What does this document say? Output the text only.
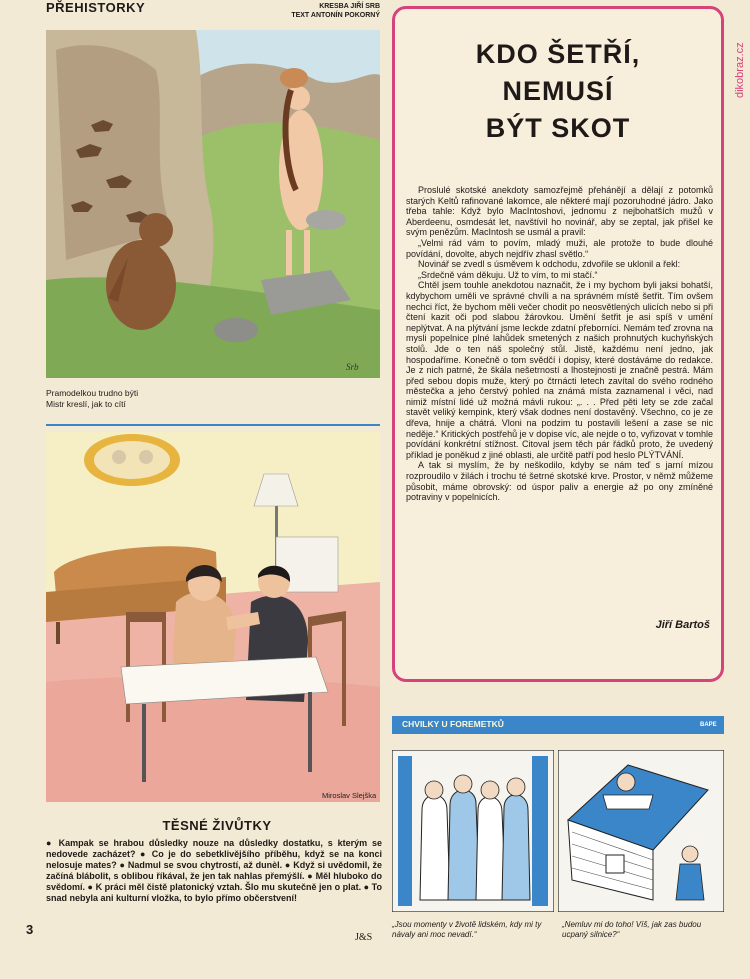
PŘEHISTORKY	KRESBA JIŘÍ SRB
TEXT ANTONÍN POKORNÝ
Srb
Pramodelkou trudno býti
Mistr kreslí, jak to cítí
Miroslav Slejška
TĚSNÉ ŽIVŮTKY
● Kampak se hrabou důsledky nouze na důsledky dostatku, s kterým se nedovede zacházet? ● Co je do sebetklivějšího příběhu, když se na konci nelosuje mates? ● Nadmul se svou chytrostí, až dunèl. ● Když si uvědomil, že začíná blábolit, s oblibou říkával, že jen tak nahlas přemýšlí. ● Měl hluboko do svědomí. ● K práci měl čistě platonický vztah. Šlo mu skutečně jen o plat. ● To snad nebyla ani kulturní vložka, to bylo přímo občerstvení!
3
J&S
KDO ŠETŘÍ,
NEMUSÍ
BÝT SKOT

Proslulé skotské anekdoty samozřejmě přehánějí a dělají z potomků starých Keltů rafinované lakomce, ale některé mají pozoruhodné jádro. Jako třeba tahle: Když bylo MacIntoshovi, jednomu z nejbohatších mužů v Aberdeenu, osmdesát let, navštívil ho novinář, aby se zeptal, jak přišel ke svým penězům. MacIntosh se usmál a pravil:

„Velmi rád vám to povím, mladý muži, ale protože to bude dlouhé povídání, dovolte, abych nejdřív zhasl světlo.“

Novinář se zvedl s úsměvem k odchodu, zdvořile se uklonil a řekl:

„Srdečně vám děkuju. Už to vím, to mi stačí.“

Chtěl jsem touhle anekdotou naznačit, že i my bychom byli jaksi bohatší, kdybychom uměli ve správné chvíli a na správném místě šetřit. Tím ovšem nechci říct, že bychom měli večer chodit po neosvětlených ulicích nebo si při čtení kazit oči pod slabou žárovkou. Umění šetřit je asi spíš v umění neplýtvat. A na plýtvání jsme leckde zdatní přeborníci. Nemám teď zrovna na mysli popelnice plné lahůdek smetených z našich prohnutých kuchyňských stolů. Jde o ten náš společný stůl. Jistě, každému není jedno, jak hospodaříme. Konečně o tom svědčí i dopisy, které dostáváme do redakce. Je z nich patrné, že škála nešetrností a lhostejnosti je značně pestrá. Mám před sebou dopis muže, který po čtrnácti letech zavítal do svého rodného městečka a jeho čerstvý pohled na známá místa zaznamenal i věci, nad nimiž místní lidé už možná mávli rukou: „. . . Před pěti lety se zde začal stavět veliký kempink, který však dodnes není dostavěný. Všechno, co je ze dřeva, hnije a chátrá. Vloni na podzim tu postavili lešení a zase se nic neděje.“ Kritických postřehů je v dopise víc, ale nejde o to, vyřizovat v tomhle povídání konkrétní stížnost. Citoval jsem těch pár řádků proto, že uvedený příklad je poněkud z jiné oblasti, ale určitě patří pod heslo PLÝTVÁNÍ.

A tak si myslím, že by neškodilo, kdyby se nám teď s jarní mízou rozproudilo v žilách i trochu té šetrné skotské krve. Prostor, v němž můžeme působit, máme obrovský: od úspor paliv a energie až po ony zmíněné potraviny v popelnicích.

Jiří Bartoš
dikobraz.cz
CHVILKY U FOREMETKŮ	BAPE
„Jsou momenty v životě lidském, kdy mi ty návaly ani moc nevadí.“
„Nemluv mi do toho! Víš, jak zas budou ucpaný silnice?“
